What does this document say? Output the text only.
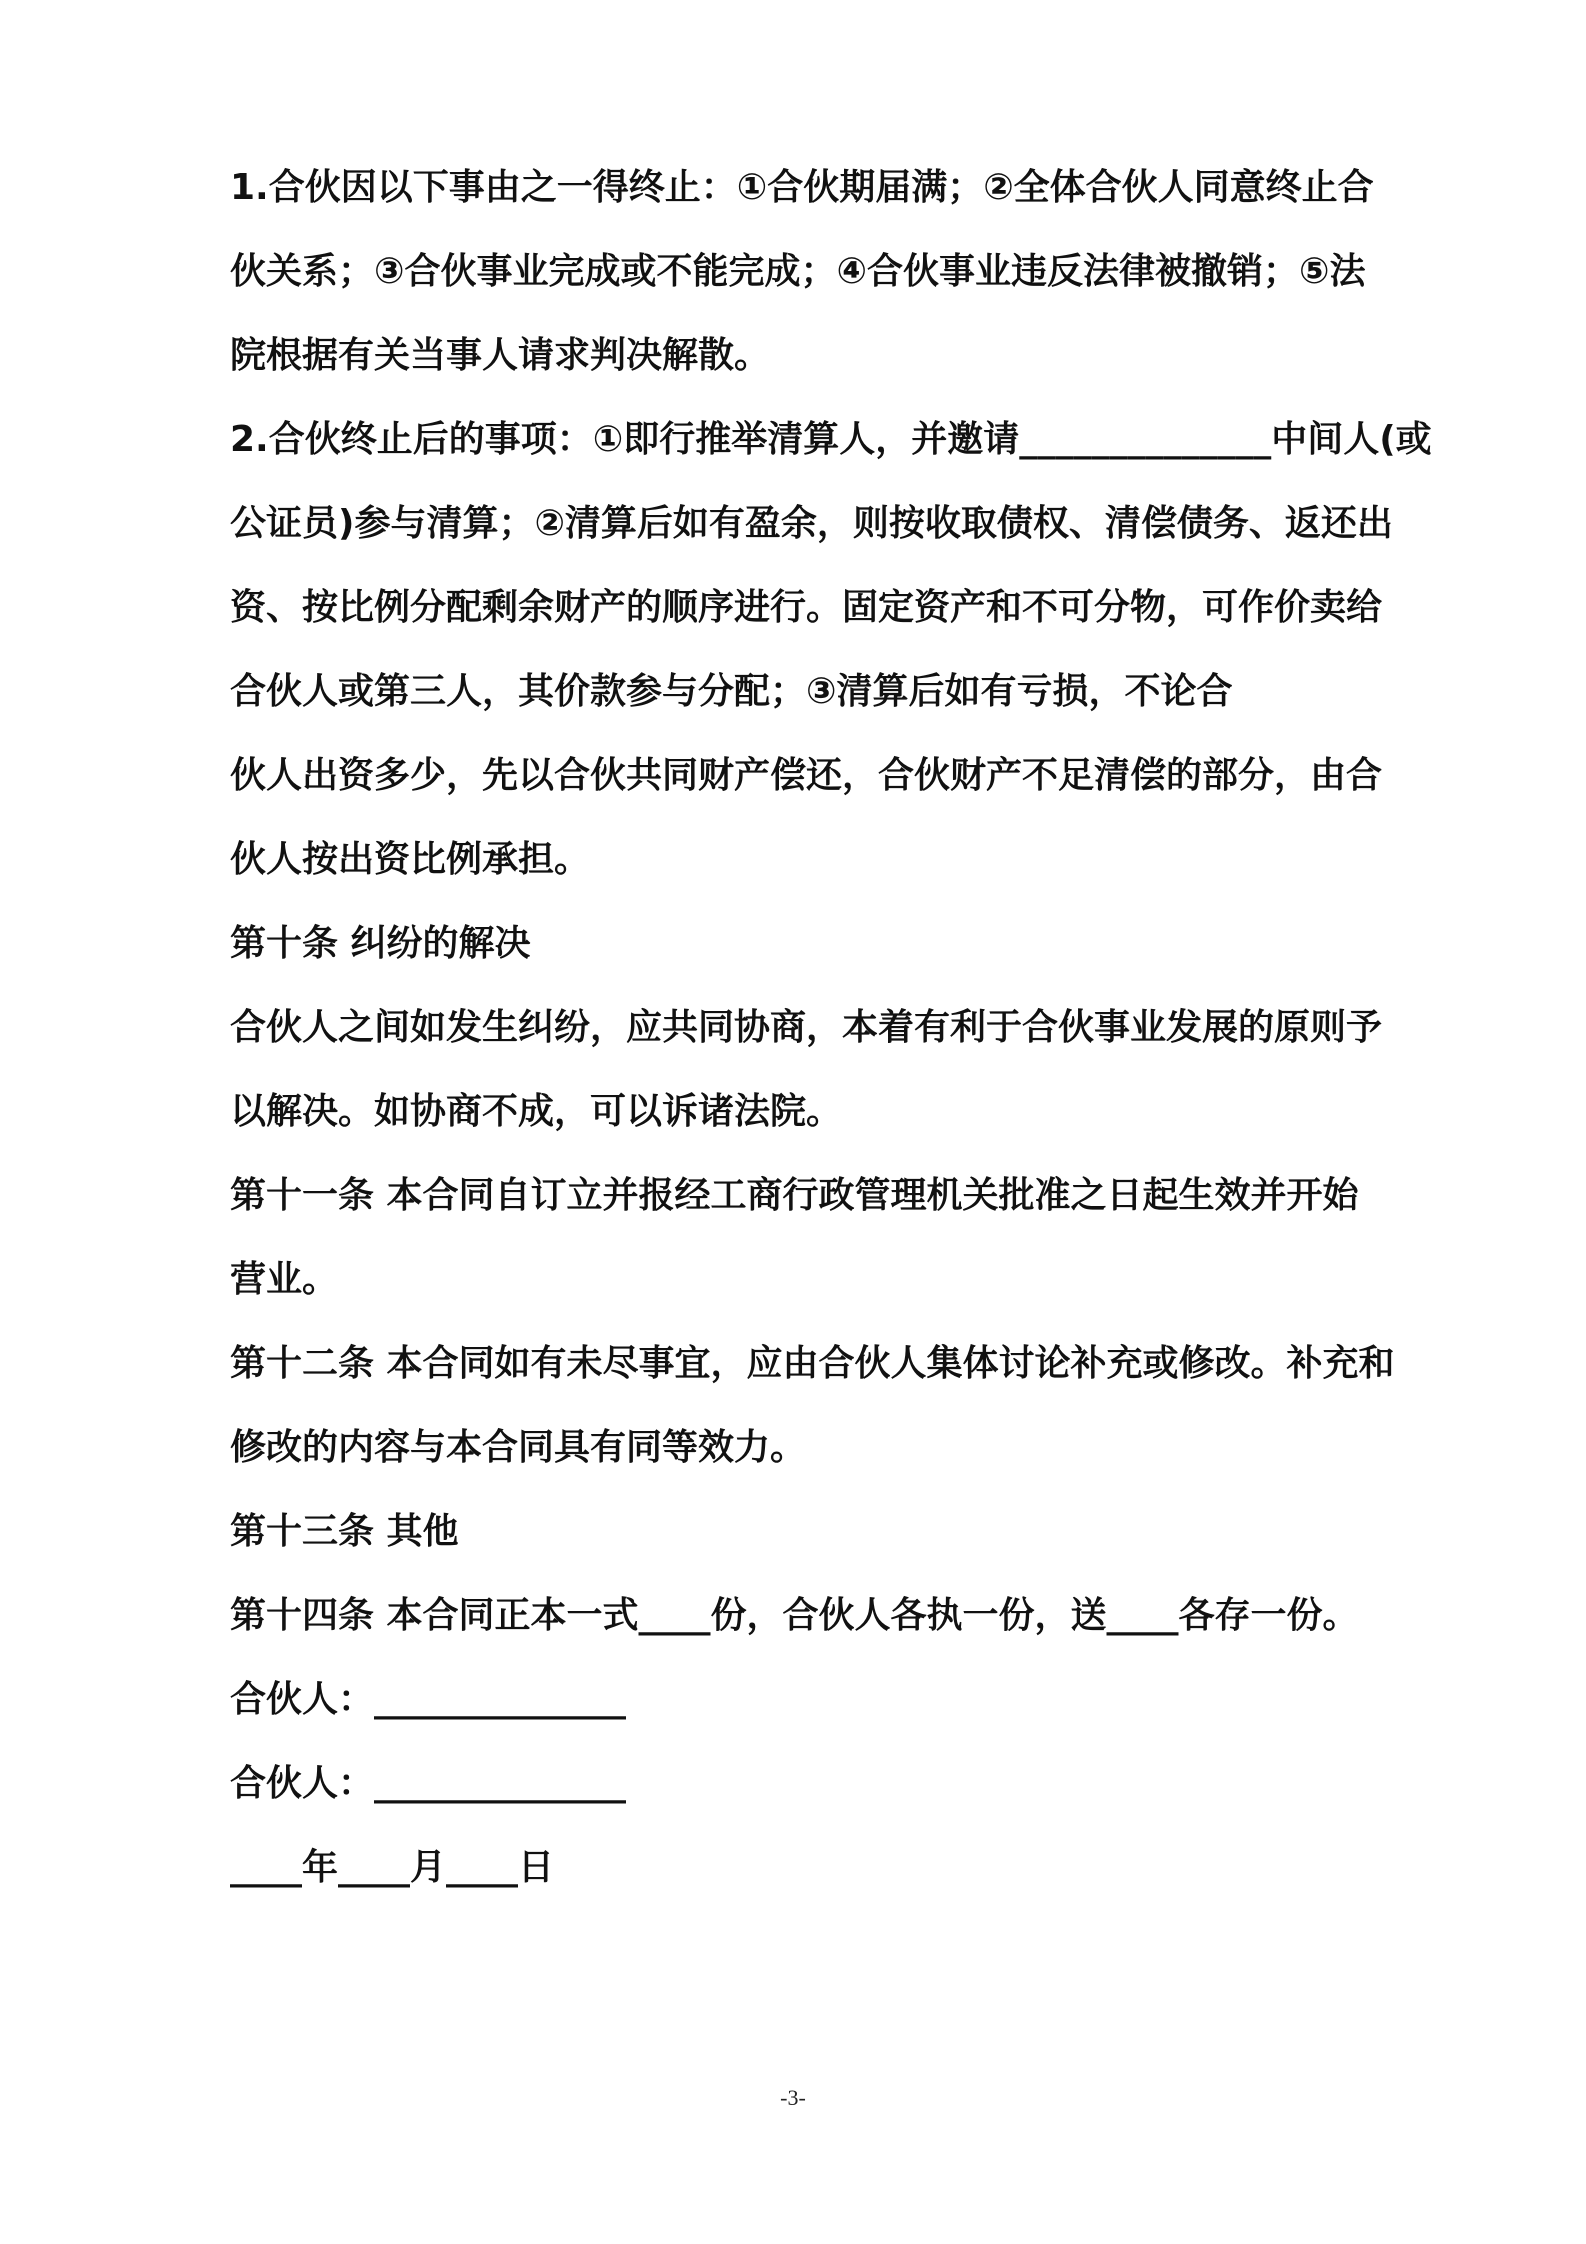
1.合伙因以下事由之一得终止：①合伙期届满；②全体合伙人同意终止合
伙关系；③合伙事业完成或不能完成；④合伙事业违反法律被撤销；⑤法
院根据有关当事人请求判决解散。
2.合伙终止后的事项：①即行推举清算人，并邀请______________中间人(或
公证员)参与清算；②清算后如有盈余，则按收取债权、清偿债务、返还出
资、按比例分配剩余财产的顺序进行。固定资产和不可分物，可作价卖给
合伙人或第三人，其价款参与分配；③清算后如有亏损，不论合
伙人出资多少，先以合伙共同财产偿还，合伙财产不足清偿的部分，由合
伙人按出资比例承担。
第十条 纠纷的解决
合伙人之间如发生纠纷，应共同协商，本着有利于合伙事业发展的原则予
以解决。如协商不成，可以诉诸法院。
第十一条 本合同自订立并报经工商行政管理机关批准之日起生效并开始
营业。
第十二条 本合同如有未尽事宜，应由合伙人集体讨论补充或修改。补充和
修改的内容与本合同具有同等效力。
第十三条 其他
第十四条 本合同正本一式____份，合伙人各执一份，送____各存一份。
合伙人：______________
合伙人：______________
____年____月____日
-3-
